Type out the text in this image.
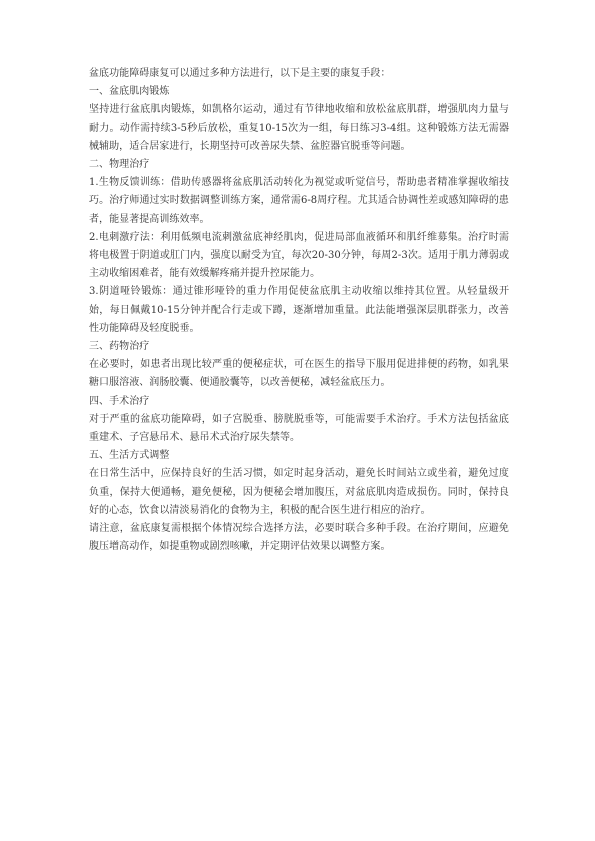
盆底功能障碍康复可以通过多种方法进行，以下是主要的康复手段：

一、盆底肌肉锻炼

坚持进行盆底肌肉锻炼，如凯格尔运动，通过有节律地收缩和放松盆底肌群，增强肌肉力量与耐力。动作需持续3-5秒后放松，重复10-15次为一组，每日练习3-4组。这种锻炼方法无需器械辅助，适合居家进行，长期坚持可改善尿失禁、盆腔器官脱垂等问题。

二、物理治疗

1.生物反馈训练：借助传感器将盆底肌活动转化为视觉或听觉信号，帮助患者精准掌握收缩技巧。治疗师通过实时数据调整训练方案，通常需6-8周疗程。尤其适合协调性差或感知障碍的患者，能显著提高训练效率。

2.电刺激疗法：利用低频电流刺激盆底神经肌肉，促进局部血液循环和肌纤维募集。治疗时需将电极置于阴道或肛门内，强度以耐受为宜，每次20-30分钟，每周2-3次。适用于肌力薄弱或主动收缩困难者，能有效缓解疼痛并提升控尿能力。

3.阴道哑铃锻炼：通过锥形哑铃的重力作用促使盆底肌主动收缩以维持其位置。从轻量级开始，每日佩戴10-15分钟并配合行走或下蹲，逐渐增加重量。此法能增强深层肌群张力，改善性功能障碍及轻度脱垂。

三、药物治疗

在必要时，如患者出现比较严重的便秘症状，可在医生的指导下服用促进排便的药物，如乳果糖口服溶液、润肠胶囊、便通胶囊等，以改善便秘，减轻盆底压力。

四、手术治疗

对于严重的盆底功能障碍，如子宫脱垂、膀胱脱垂等，可能需要手术治疗。手术方法包括盆底重建术、子宫悬吊术、悬吊术式治疗尿失禁等。

五、生活方式调整

在日常生活中，应保持良好的生活习惯，如定时起身活动，避免长时间站立或坐着，避免过度负重，保持大便通畅，避免便秘，因为便秘会增加腹压，对盆底肌肉造成损伤。同时，保持良好的心态，饮食以清淡易消化的食物为主，积极的配合医生进行相应的治疗。

请注意，盆底康复需根据个体情况综合选择方法，必要时联合多种手段。在治疗期间，应避免腹压增高动作，如提重物或剧烈咳嗽，并定期评估效果以调整方案。
